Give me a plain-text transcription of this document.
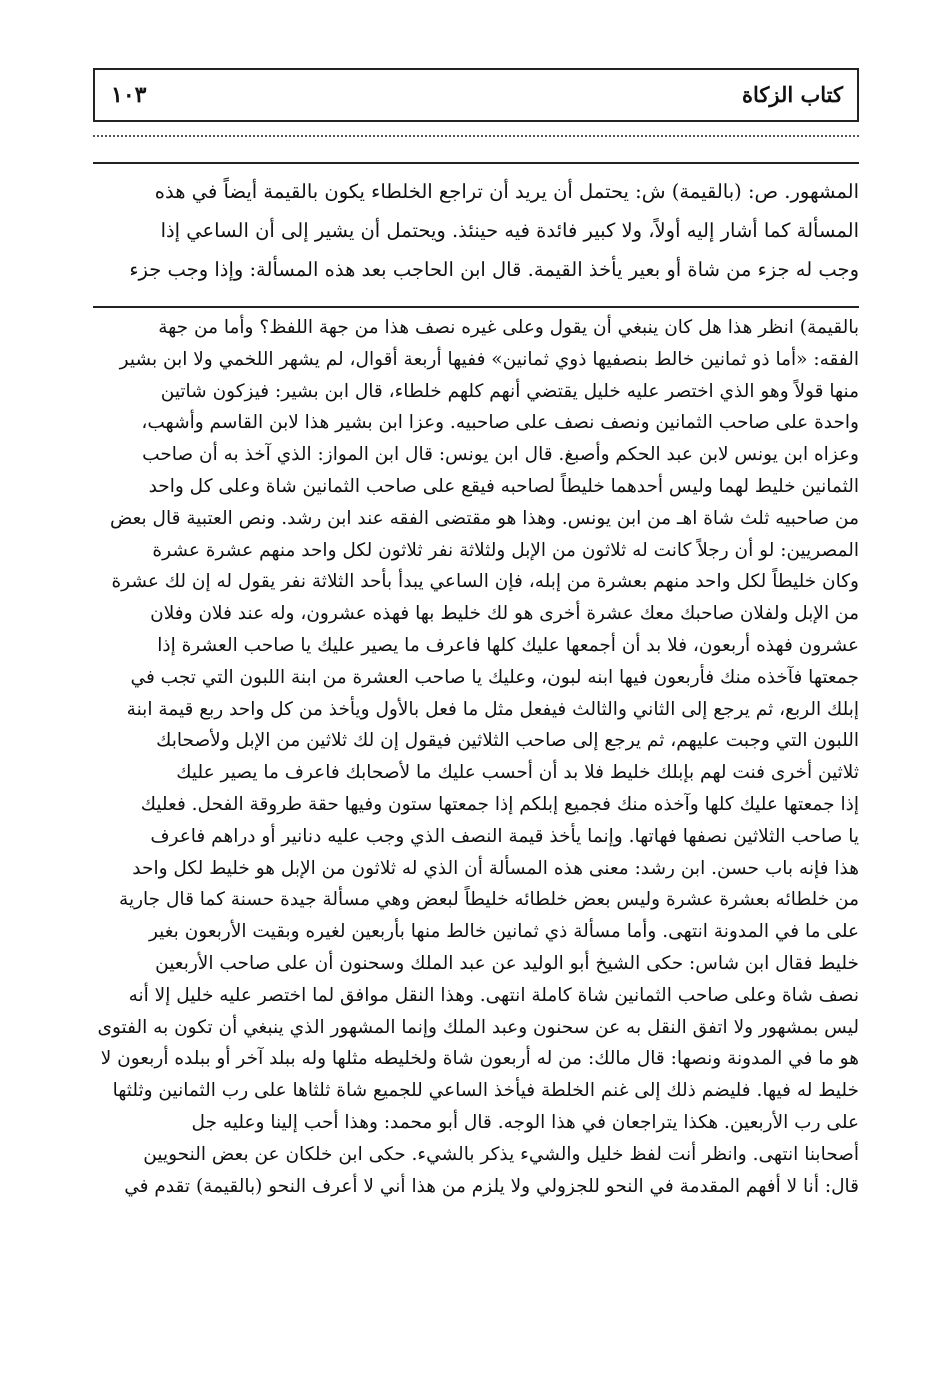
كتاب الزكاة
١٠٣
المشهور. ص: (بالقيمة) ش: يحتمل أن يريد أن تراجع الخلطاء يكون بالقيمة أيضاً في هذه
المسألة كما أشار إليه أولاً، ولا كبير فائدة فيه حينئذ. ويحتمل أن يشير إلى أن الساعي إذا
وجب له جزء من شاة أو بعير يأخذ القيمة. قال ابن الحاجب بعد هذه المسألة: وإذا وجب جزء
بالقيمة) انظر هذا هل كان ينبغي أن يقول وعلى غيره نصف هذا من جهة اللفظ؟ وأما من جهة
الفقه: «أما ذو ثمانين خالط بنصفيها ذوي ثمانين» ففيها أربعة أقوال، لم يشهر اللخمي ولا ابن بشير
منها قولاً وهو الذي اختصر عليه خليل يقتضي أنهم كلهم خلطاء، قال ابن بشير: فيزكون شاتين
واحدة على صاحب الثمانين ونصف نصف على صاحبيه. وعزا ابن بشير هذا لابن القاسم وأشهب،
وعزاه ابن يونس لابن عبد الحكم وأصبغ. قال ابن يونس: قال ابن المواز: الذي آخذ به أن صاحب
الثمانين خليط لهما وليس أحدهما خليطاً لصاحبه فيقع على صاحب الثمانين شاة وعلى كل واحد
من صاحبيه ثلث شاة اهـ من ابن يونس. وهذا هو مقتضى الفقه عند ابن رشد. ونص العتبية قال بعض
المصريين: لو أن رجلاً كانت له ثلاثون من الإبل ولثلاثة نفر ثلاثون لكل واحد منهم عشرة عشرة
وكان خليطاً لكل واحد منهم بعشرة من إبله، فإن الساعي يبدأ بأحد الثلاثة نفر يقول له إن لك عشرة
من الإبل ولفلان صاحبك معك عشرة أخرى هو لك خليط بها فهذه عشرون، وله عند فلان وفلان
عشرون فهذه أربعون، فلا بد أن أجمعها عليك كلها فاعرف ما يصير عليك يا صاحب العشرة إذا
جمعتها فآخذه منك فأربعون فيها ابنه لبون، وعليك يا صاحب العشرة من ابنة اللبون التي تجب في
إبلك الربع، ثم يرجع إلى الثاني والثالث فيفعل مثل ما فعل بالأول ويأخذ من كل واحد ربع قيمة ابنة
اللبون التي وجبت عليهم، ثم يرجع إلى صاحب الثلاثين فيقول إن لك ثلاثين من الإبل ولأصحابك
ثلاثين أخرى فنت لهم بإبلك خليط فلا بد أن أحسب عليك ما لأصحابك فاعرف ما يصير عليك
إذا جمعتها عليك كلها وآخذه منك فجميع إبلكم إذا جمعتها ستون وفيها حقة طروقة الفحل. فعليك
يا صاحب الثلاثين نصفها فهاتها. وإنما يأخذ قيمة النصف الذي وجب عليه دنانير أو دراهم فاعرف
هذا فإنه باب حسن. ابن رشد: معنى هذه المسألة أن الذي له ثلاثون من الإبل هو خليط لكل واحد
من خلطائه بعشرة عشرة وليس بعض خلطائه خليطاً لبعض وهي مسألة جيدة حسنة كما قال جارية
على ما في المدونة انتهى. وأما مسألة ذي ثمانين خالط منها بأربعين لغيره وبقيت الأربعون بغير
خليط فقال ابن شاس: حكى الشيخ أبو الوليد عن عبد الملك وسحنون أن على صاحب الأربعين
نصف شاة وعلى صاحب الثمانين شاة كاملة انتهى. وهذا النقل موافق لما اختصر عليه خليل إلا أنه
ليس بمشهور ولا اتفق النقل به عن سحنون وعبد الملك وإنما المشهور الذي ينبغي أن تكون به الفتوى
هو ما في المدونة ونصها: قال مالك: من له أربعون شاة ولخليطه مثلها وله ببلد آخر أو ببلده أربعون لا
خليط له فيها. فليضم ذلك إلى غنم الخلطة فيأخذ الساعي للجميع شاة ثلثاها على رب الثمانين وثلثها
على رب الأربعين. هكذا يتراجعان في هذا الوجه. قال أبو محمد: وهذا أحب إلينا وعليه جل
أصحابنا انتهى. وانظر أنت لفظ خليل والشيء يذكر بالشيء. حكى ابن خلكان عن بعض النحويين
قال: أنا لا أفهم المقدمة في النحو للجزولي ولا يلزم من هذا أني لا أعرف النحو (بالقيمة) تقدم في
